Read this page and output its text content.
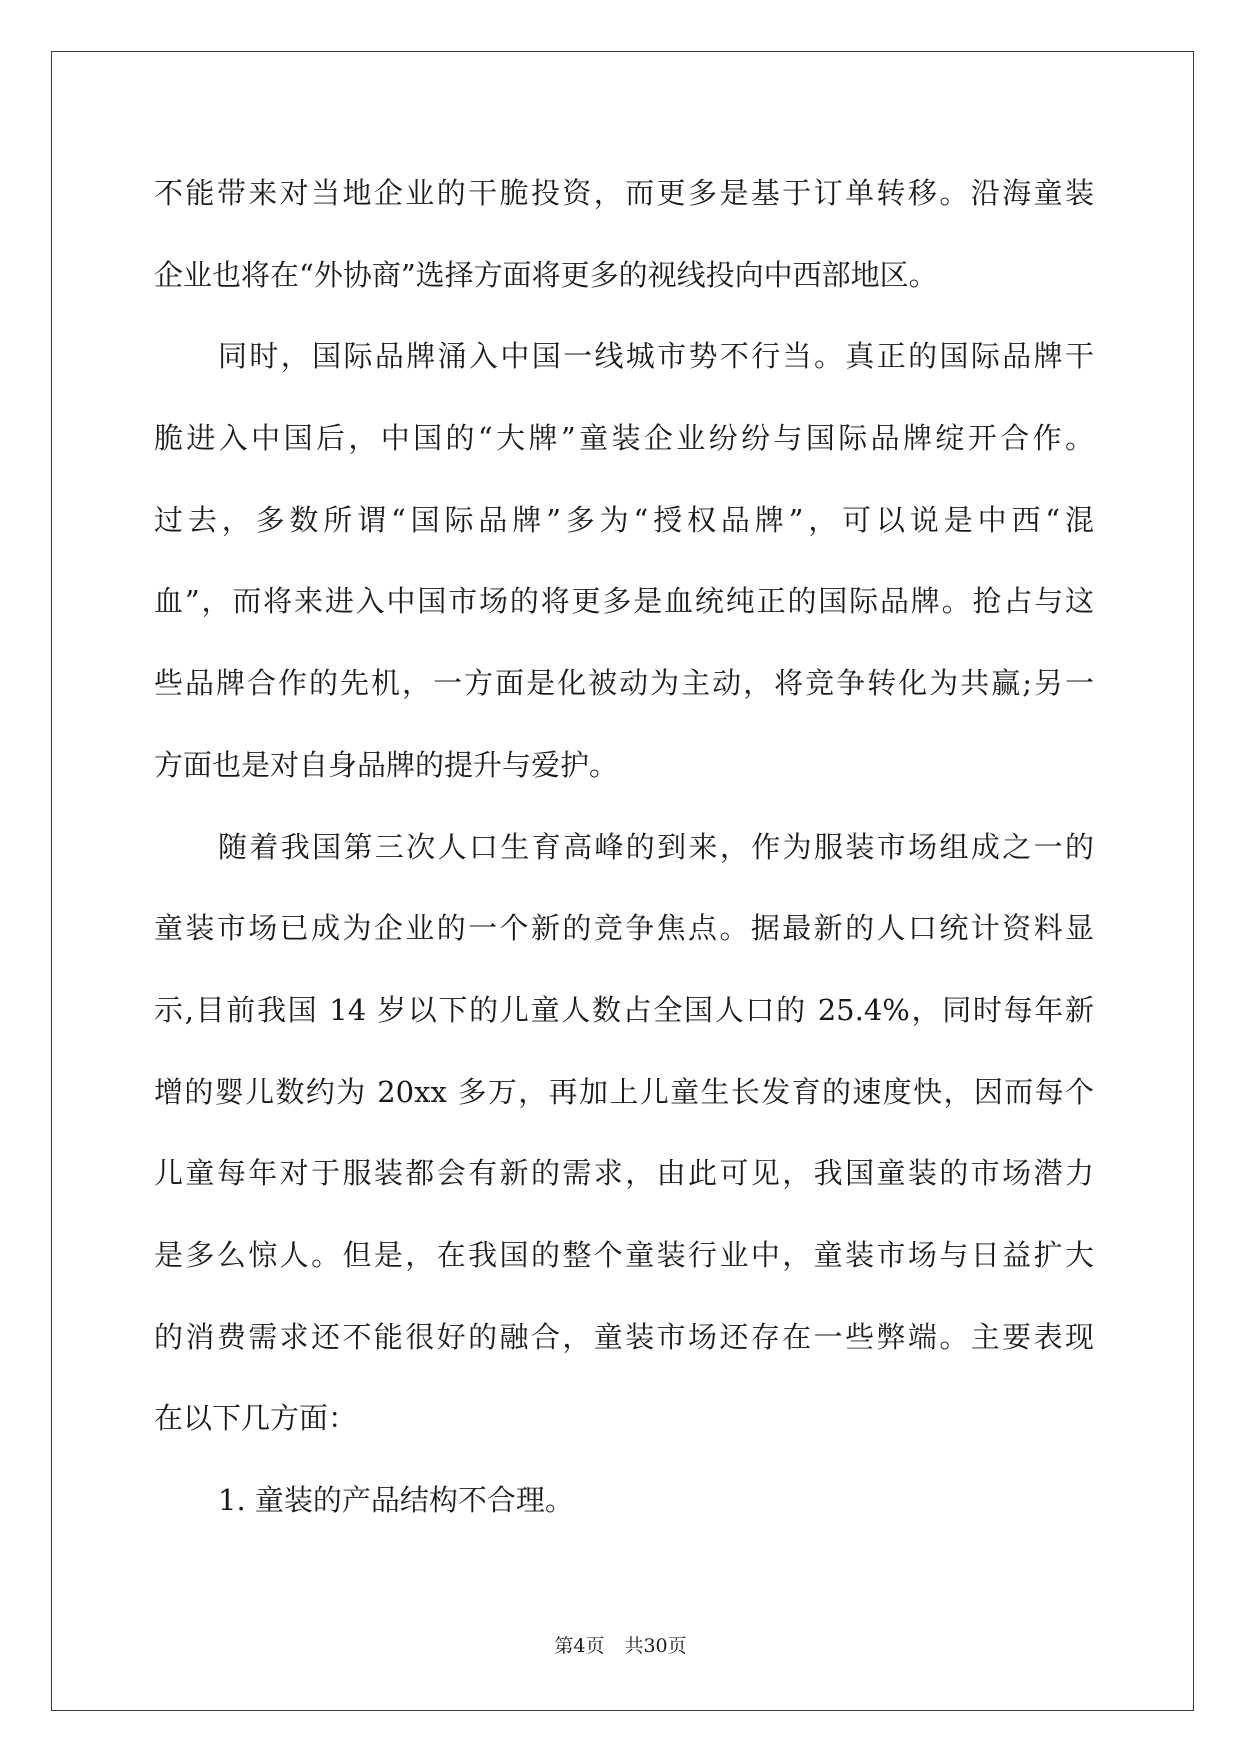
不能带来对当地企业的干脆投资，而更多是基于订单转移。沿海童装
企业也将在“外协商”选择方面将更多的视线投向中西部地区。
同时，国际品牌涌入中国一线城市势不行当。真正的国际品牌干
脆进入中国后，中国的“大牌”童装企业纷纷与国际品牌绽开合作。
过去，多数所谓“国际品牌”多为“授权品牌”，可以说是中西“混
血”，而将来进入中国市场的将更多是血统纯正的国际品牌。抢占与这
些品牌合作的先机，一方面是化被动为主动，将竞争转化为共赢;另一
方面也是对自身品牌的提升与爱护。
随着我国第三次人口生育高峰的到来，作为服装市场组成之一的
童装市场已成为企业的一个新的竞争焦点。据最新的人口统计资料显
示,目前我国 14 岁以下的儿童人数占全国人口的 25.4%，同时每年新
增的婴儿数约为 20xx 多万，再加上儿童生长发育的速度快，因而每个
儿童每年对于服装都会有新的需求，由此可见，我国童装的市场潜力
是多么惊人。但是，在我国的整个童装行业中，童装市场与日益扩大
的消费需求还不能很好的融合，童装市场还存在一些弊端。主要表现
在以下几方面：
1. 童装的产品结构不合理。
第4页 共30页
